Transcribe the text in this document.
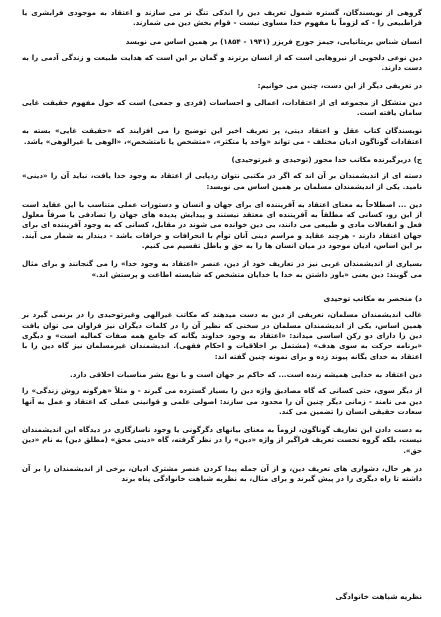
گروهی از نویسندگان، گستره شمول تعریف دین را اندکی تنگ تر می سازند و اعتقاد به موجودی فرابشری یا فراطبیعی را - که لزوماً با مفهوم خدا مساوی نیست - قوام بخش دین می شمارند.

انسان شناس بریتانیایی، جیمز جورج فریزر (۱۹۴۱ - ۱۸۵۴) بر همین اساس می نویسد

دین نوعی دلجویی از نیروهایی است که از انسان برترند و گمان بر این است که هدایت طبیعت و زندگی آدمی را به دست دارند.

در تعریفی دیگر از این دست، چنین می خوانیم:

دین متشکل از مجموعه ای از اعتقادات، اعمالی و احساسات (فردی و جمعی) است که حول مفهوم حقیقت غایی سامان یافته است.

نویسندگان کتاب عقل و اعتقاد دینی، پر تعریف اخیر این توضیح را می افزایند که «حقیقت غایی» بسته به اعتقادات گوناگون ادیان مختلف - می تواند «واحد یا متکثر»، «متشخص یا نامتشخص»، «الوهی یا غیرالوهی» باشد.

ج) دربرگیرنده مکاتب خدا محور (توحیدی و غیرتوحیدی)

دسته ای از اندیشمندان بر آن اند که اگر در مکتبی نتوان ردپایی از اعتقاد به وجود خدا یافت، نباید آن را «دینی» نامید. یکی از اندیشمندان مسلمان بر همین اساس می نویسد:

دین ... اصطلاحاً به معنای اعتقاد به آفریننده ای برای جهان و انسان و دستورات عملی متناسب با این عقاید است از این رو، کسانی که مطلقاً به آفریننده ای معتقد نیستند و پیدایش پدیده های جهان را تصادفی یا صرفاً معلول فعل و انفعالات مادی و طبیعی می دانند، بی دین خوانده می شوند در مقابل، کسانی که به وجود آفریننده ای برای جهان اعتقاد دارند - هرچند عقاید و مراسم دینی آنان توأم با انحرافات و خرافات باشد - دیندار به شمار می آیند. بر این اساس، ادیان موجود در میان انسان ها را به حق و باطل تقسیم می کنیم.

بسیاری از اندیشمندان غربی نیز در تعاریف خود از دین، عنصر «اعتقاد به وجود خدا» را می گنجانند و برای مثال می گویند: دین یعنی «باور داشتن به خدا یا خدایان متشخص که شایسته اطاعت و پرستش اند.»

د) منحصر به مکاتب توحیدی

غالب اندیشمندان مسلمان، تعریفی از دین به دست میدهند که مکاتب غیرالهی وغیرتوحیدی را در برنمی گیرد بر همین اساس، یکی از اندیشمندان مسلمان در سخنی که نظیر آن را در کلمات دیگران نیز فراوان می توان یافت دین را دارای دو رکن اساسی میداند: «اعتقاد به وجود خداوند یگانه که جامع همه صفات کمالیه است» و دیگری «برنامه حرکت به سوی هدف» (مشتمل بر اخلاقیات و احکام فقهی). اندیشمندان غیرمسلمان نیز گاه دین را با اعتقاد به خدای یگانه پیوند زده و برای نمونه چنین گفته اند:

دین اعتقاد به خدایی همیشه زنده است... که حاکم بر جهان است و با نوع بشر مناسبات اخلاقی دارد.

از دیگر سوی، حتی کسانی که گاه مصادیق واژه دین را بسیار گسترده می گیرند - و مثلاً «هرگونه روش زندگی» را دین می نامند - زمانی دیگر چنین آن را محدود می سازند: اصولی علمی و قوانینی عملی که اعتقاد و عمل به آنها سعادت حقیقی انسان را تضمین می کند.

به دست دادن این تعاریف گوناگون، لزوماً به معنای بیانهای دگرگونی یا وجود ناسازگاری در دیدگاه این اندیشمندان نیست، بلکه گروه نخست تعریف فراگیر از واژه «دین» را در نظر گرفته، گاه «دینی محق» (مطلق دین) به نام «دین حق».

در هر حال، دشواری های تعریف دین، و از آن جمله پیدا کردن عنصر مشترک ادیان، برخی از اندیشمندان را بر آن داشته تا راه دیگری را در پیش گیرند و برای مثال، به نظریه شباهت خانوادگی پناه برند

نظریه شباهت خانوادگی
